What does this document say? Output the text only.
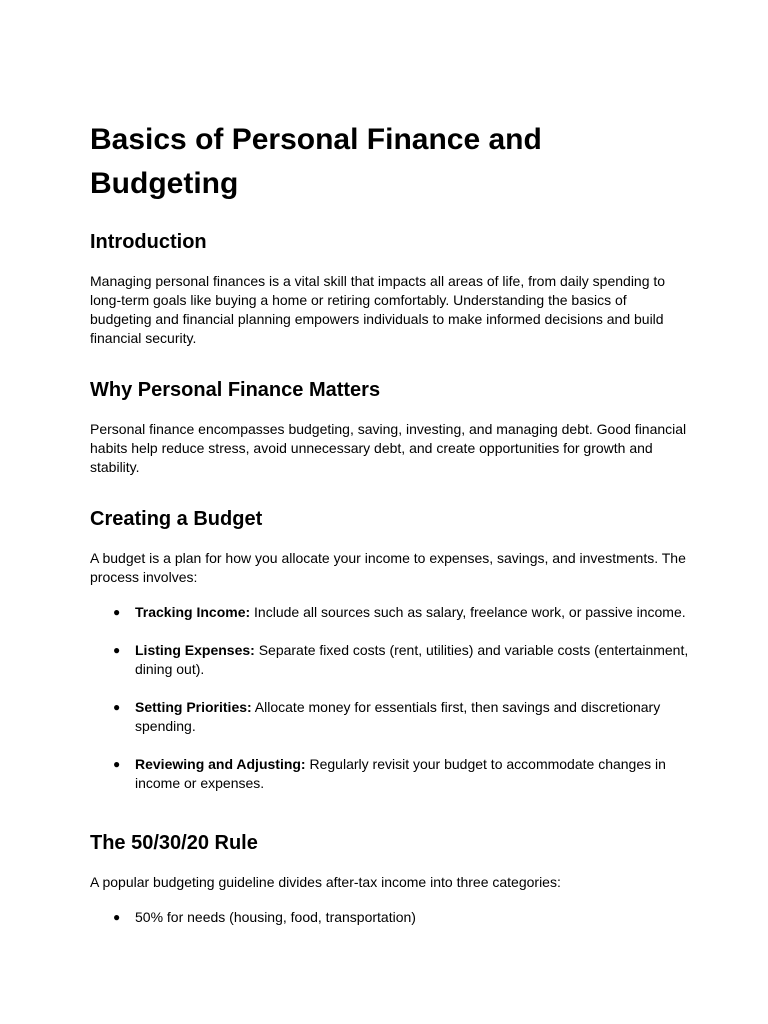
Basics of Personal Finance and Budgeting
Introduction

Managing personal finances is a vital skill that impacts all areas of life, from daily spending to long-term goals like buying a home or retiring comfortably. Understanding the basics of budgeting and financial planning empowers individuals to make informed decisions and build financial security.

Why Personal Finance Matters

Personal finance encompasses budgeting, saving, investing, and managing debt. Good financial habits help reduce stress, avoid unnecessary debt, and create opportunities for growth and stability.

Creating a Budget

A budget is a plan for how you allocate your income to expenses, savings, and investments. The process involves:

● Tracking Income: Include all sources such as salary, freelance work, or passive income.
● Listing Expenses: Separate fixed costs (rent, utilities) and variable costs (entertainment, dining out).
● Setting Priorities: Allocate money for essentials first, then savings and discretionary spending.
● Reviewing and Adjusting: Regularly revisit your budget to accommodate changes in income or expenses.
The 50/30/20 Rule

A popular budgeting guideline divides after-tax income into three categories:

● 50% for needs (housing, food, transportation)
